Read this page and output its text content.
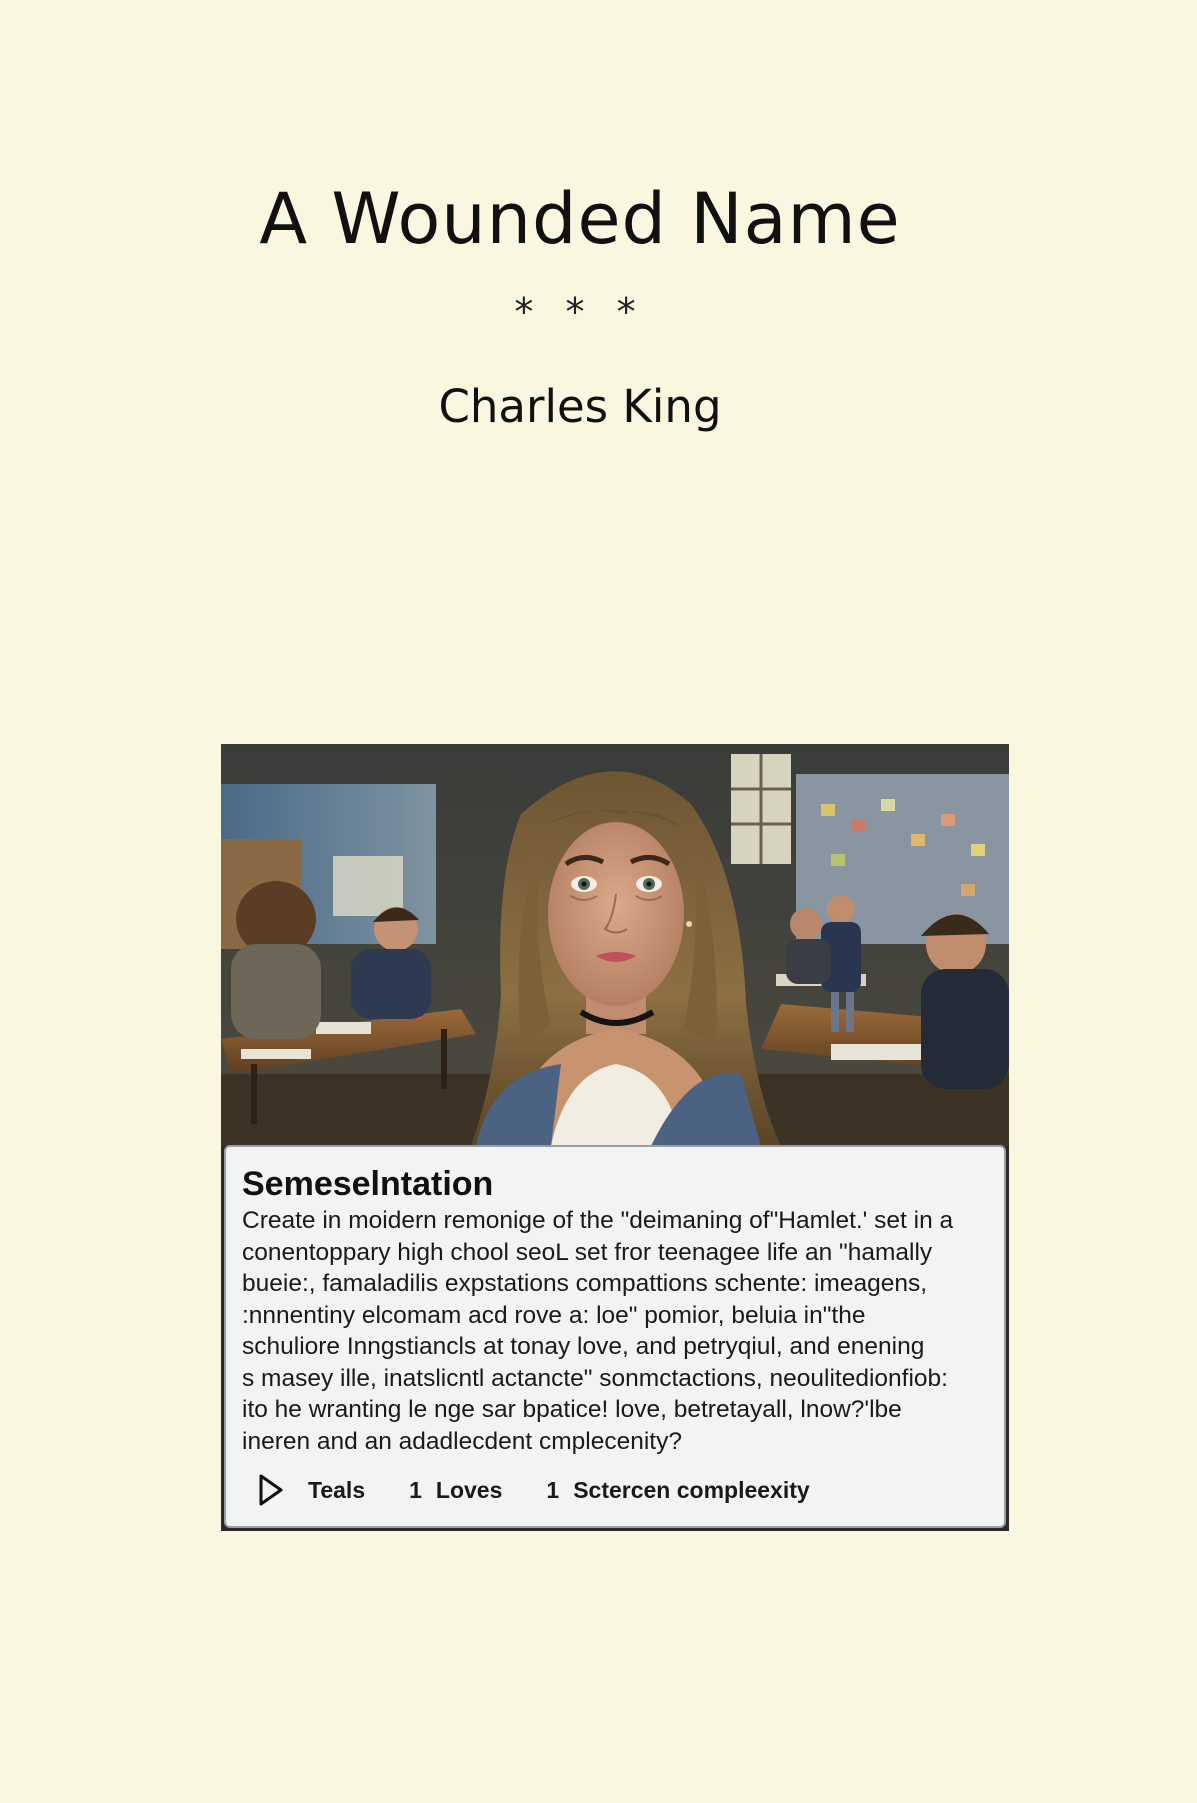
A Wounded Name
* * *
Charles King
Semeselntation
Create in moidern remonige of the "deimaning of"Hamlet.' set in a
conentoppary high chool seoL set fror teenagee life an "hamally
bueie:, famaladilis expstations compattions schente: imeagens,
:nnnentiny elcomam acd rove a: loe" pomior, beluia in"the
schuliore Inngstiancls at tonay love, and petryqiul, and enening
s masey ille, inatslicntl actancte" sonmctactions, neoulitedionfiob:
ito he wranting le nge sar bpatice! love, betretayall, lnow?'lbe
ineren and an adadlecdent cmplecenity?
Teals 1 Loves 1 Sctercen compleexity
